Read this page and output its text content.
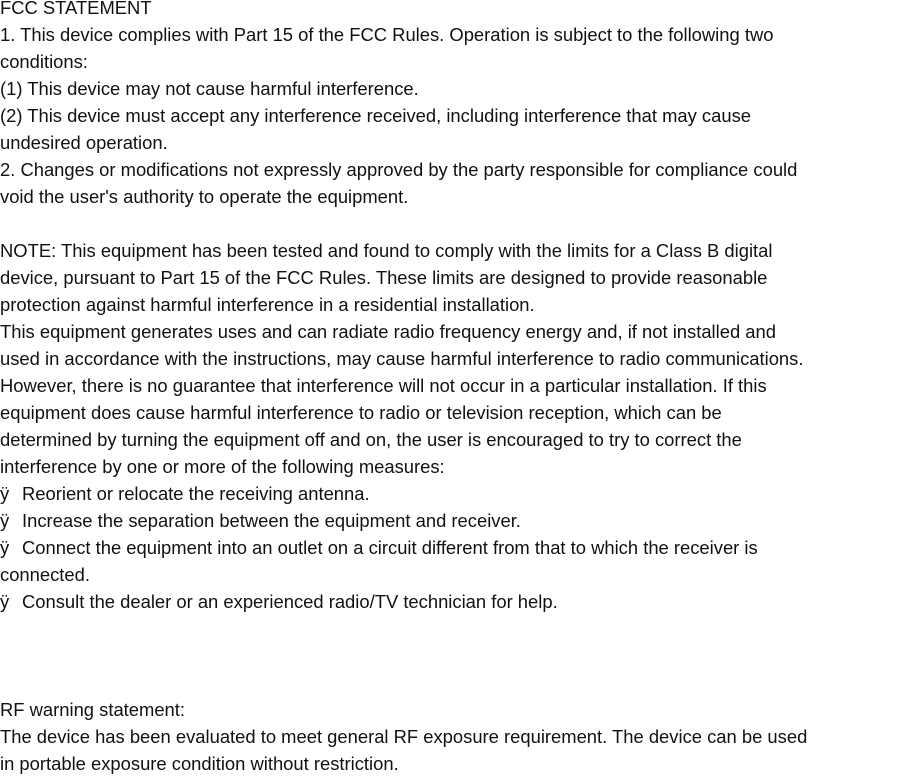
FCC STATEMENT
1. This device complies with Part 15 of the FCC Rules. Operation is subject to the following two
conditions:
(1) This device may not cause harmful interference.
(2) This device must accept any interference received, including interference that may cause
undesired operation.
2. Changes or modifications not expressly approved by the party responsible for compliance could
void the user's authority to operate the equipment.
NOTE: This equipment has been tested and found to comply with the limits for a Class B digital
device, pursuant to Part 15 of the FCC Rules. These limits are designed to provide reasonable
protection against harmful interference in a residential installation.
This equipment generates uses and can radiate radio frequency energy and, if not installed and
used in accordance with the instructions, may cause harmful interference to radio communications.
However, there is no guarantee that interference will not occur in a particular installation. If this
equipment does cause harmful interference to radio or television reception, which can be
determined by turning the equipment off and on, the user is encouraged to try to correct the
interference by one or more of the following measures:
ÿ Reorient or relocate the receiving antenna.
ÿ Increase the separation between the equipment and receiver.
ÿ Connect the equipment into an outlet on a circuit different from that to which the receiver is
connected.
ÿ Consult the dealer or an experienced radio/TV technician for help.
RF warning statement:
The device has been evaluated to meet general RF exposure requirement. The device can be used
in portable exposure condition without restriction.
